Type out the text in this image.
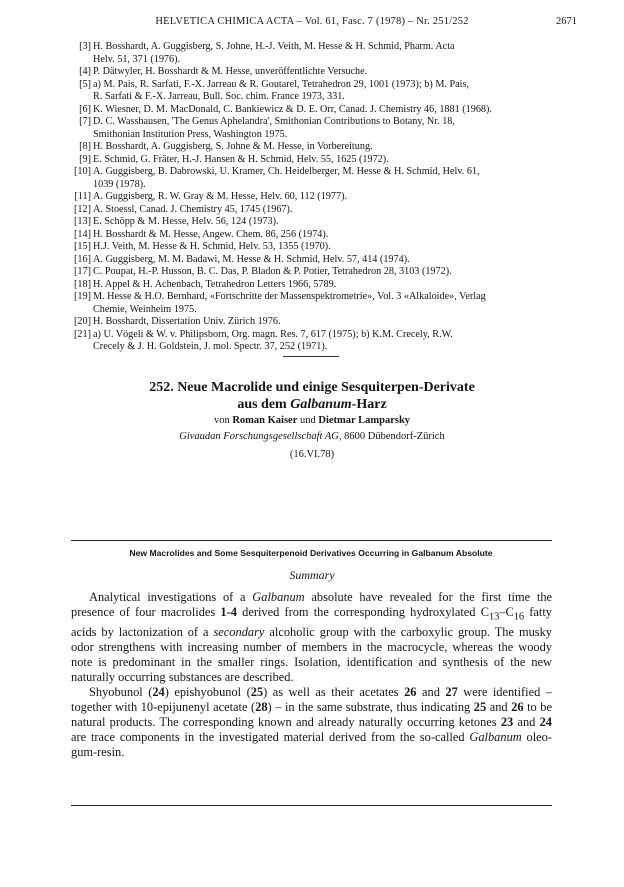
HELVETICA CHIMICA ACTA – Vol. 61, Fasc. 7 (1978) – Nr. 251/252	2671
[ 3 ] H. Bosshardt, A. Guggisberg, S. Johne, H.-J. Veith, M. Hesse & H. Schmid, Pharm. Acta
Helv. 51, 371 (1976).
[ 4 ] P. Dätwyler, H. Bosshardt & M. Hesse, unveröffentlichte Versuche.
[ 5 ] a) M. Pais, R. Sarfati, F.-X. Jarreau & R. Goutarel, Tetrahedron 29, 1001 (1973); b) M. Pais,
R. Sarfati & F.-X. Jarreau, Bull. Soc. chim. France 1973, 331.
[ 6 ] K. Wiesner, D. M. MacDonald, C. Bankiewicz & D. E. Orr, Canad. J. Chemistry 46, 1881 (1968).
[ 7 ] D. C. Wasshausen, 'The Genus Aphelandra', Smithonian Contributions to Botany, Nr. 18,
Smithonian Institution Press, Washington 1975.
[ 8 ] H. Bosshardt, A. Guggisberg, S. Johne & M. Hesse, in Vorbereitung.
[ 9 ] E. Schmid, G. Fräter, H.-J. Hansen & H. Schmid, Helv. 55, 1625 (1972).
[ 10 ] A. Guggisberg, B. Dabrowski, U. Kramer, Ch. Heidelberger, M. Hesse & H. Schmid, Helv. 61,
1039 (1978).
[ 11 ] A. Guggisberg, R. W. Gray & M. Hesse, Helv. 60, 112 (1977).
[ 12 ] A. Stoessl, Canad. J. Chemistry 45, 1745 (1967).
[ 13 ] E. Schöpp & M. Hesse, Helv. 56, 124 (1973).
[ 14 ] H. Bosshardt & M. Hesse, Angew. Chem. 86, 256 (1974).
[ 15 ] H.J. Veith, M. Hesse & H. Schmid, Helv. 53, 1355 (1970).
[ 16 ] A. Guggisberg, M. M. Badawi, M. Hesse & H. Schmid, Helv. 57, 414 (1974).
[ 17 ] C. Poupat, H.-P. Husson, B. C. Das, P. Bladon & P. Potier, Tetrahedron 28, 3103 (1972).
[ 18 ] H. Appel & H. Achenbach, Tetrahedron Letters 1966, 5789.
[ 19 ] M. Hesse & H.O. Bernhard, «Fortschritte der Massenspektrometrie», Vol. 3 «Alkaloide», Verlag
Chemie, Weinheim 1975.
[ 20 ] H. Bosshardt, Dissertation Univ. Zürich 1976.
[ 21 ] a) U. Vögeli & W. v. Philipsborn, Org. magn. Res. 7, 617 (1975); b) K.M. Crecely, R.W.
Crecely & J. H. Goldstein, J. mol. Spectr. 37, 252 (1971).
252. Neue Macrolide und einige Sesquiterpen-Derivate
aus dem Galbanum-Harz
von Roman Kaiser und Dietmar Lamparsky
Givaudan Forschungsgesellschaft AG, 8600 Dübendorf-Zürich
(16.VI.78)
New Macrolides and Some Sesquiterpenoid Derivatives Occurring in Galbanum Absolute
Summary

Analytical investigations of a Galbanum absolute have revealed for the first time the presence of four macrolides 1-4 derived from the corresponding hydroxylated $C_{13}-C_{16}$ fatty acids by lactonization of a secondary alcoholic group with the carboxylic group. The musky odor strengthens with increasing number of members in the macrocycle, whereas the woody note is predominant in the smaller rings. Isolation, identification and synthesis of the new naturally occurring substances are described.

Shyobunol (24) epishyobunol (25) as well as their acetates 26 and 27 were identified – together with 10-epijunenyl acetate (28) – in the same substrate, thus indicating 25 and 26 to be natural products. The corresponding known and already naturally occurring ketones 23 and 24 are trace components in the investigated material derived from the so-called Galbanum oleo-gum-resin.
